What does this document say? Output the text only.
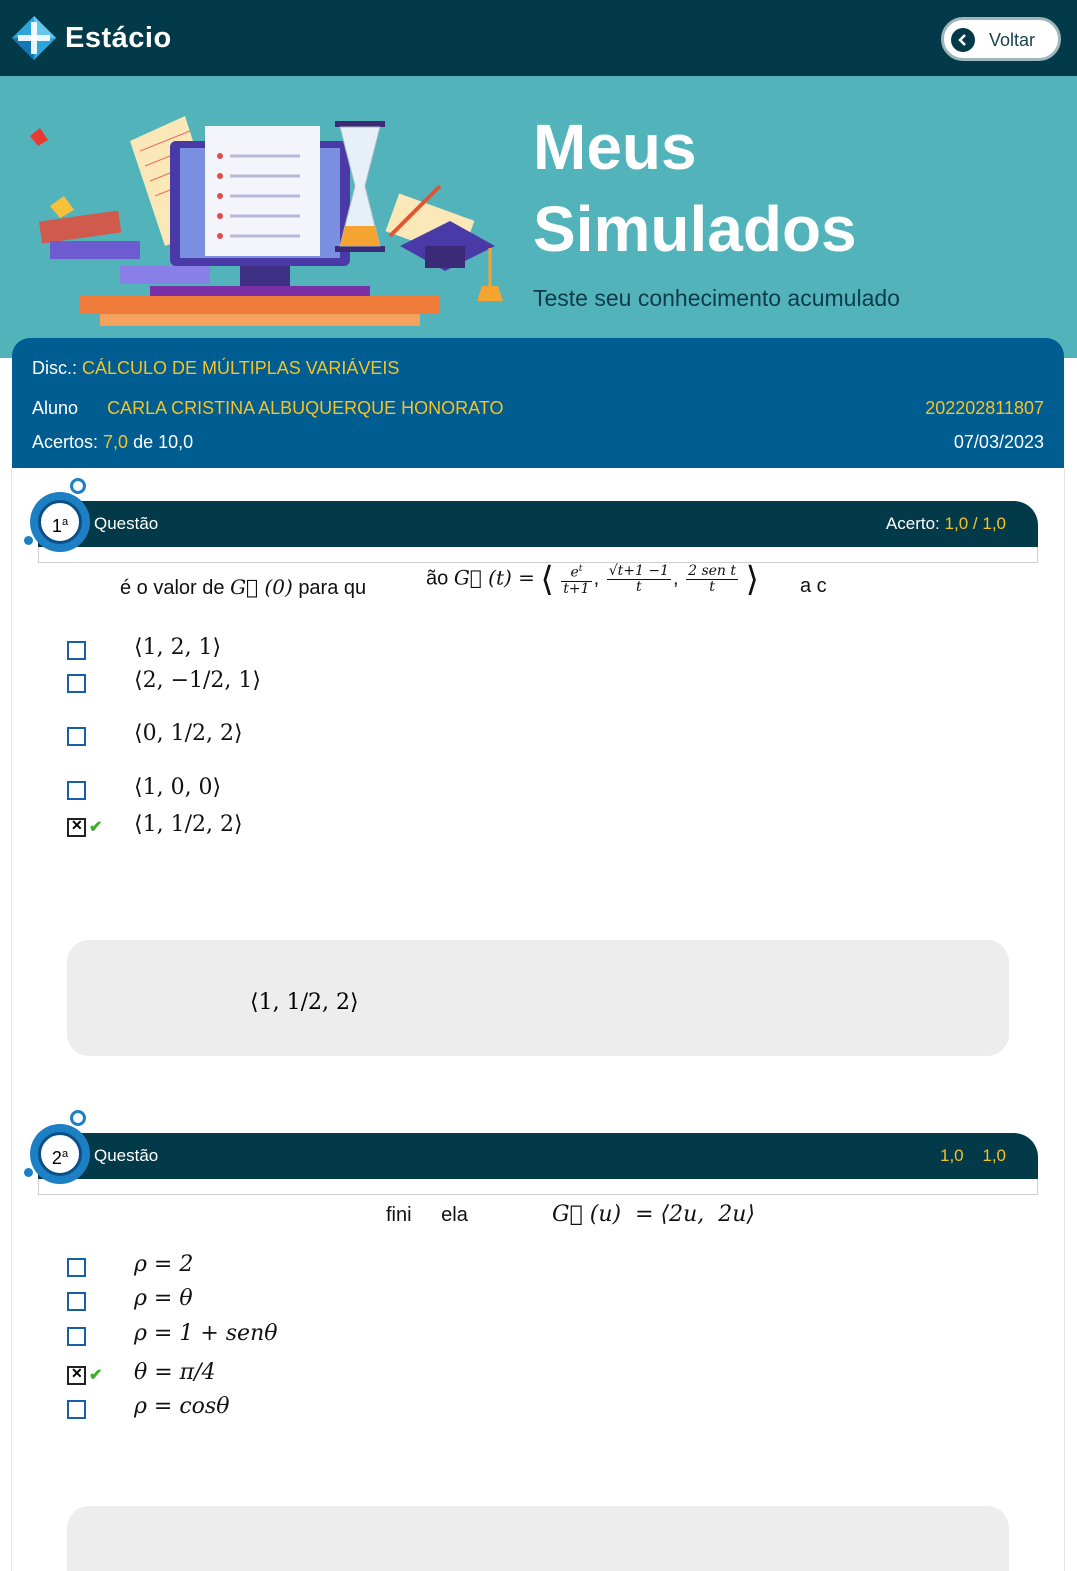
Estácio	Voltar
Meus
Simulados
Teste seu conhecimento acumulado
Disc.: CÁLCULO DE MÚLTIPLAS VARIÁVEIS
Aluno CARLA CRISTINA ALBUQUERQUE HONORATO	202202811807
Acertos: 7,0 de 10,0	07/03/2023
Questão	Acerto: 1,0 / 1,0
1$^a$
é o valor de G⃗ (0) para qu	ão G⃗ (t) = ⟨ $\frac{e^t}{t+1}$ , $\frac{√t+1 -1}{t}$ , $\frac{\text{2 sen t}}{t}$ ⟩ a c
⟨1, 2, 1⟩
⟨2, −1/2, 1⟩
⟨0, 1/2, 2⟩
⟨1, 0, 0⟩
✕
✔ ⟨1, 1/2, 2⟩
⟨1, 1/2, 2⟩
Questão	1,0 1,0
2$^a$
fini ela	G⃗ (u)  = ⟨2u,  2u⟩
ρ = 2
ρ = θ
ρ = 1 + senθ
✕
✔ θ = π/4
ρ = cosθ
